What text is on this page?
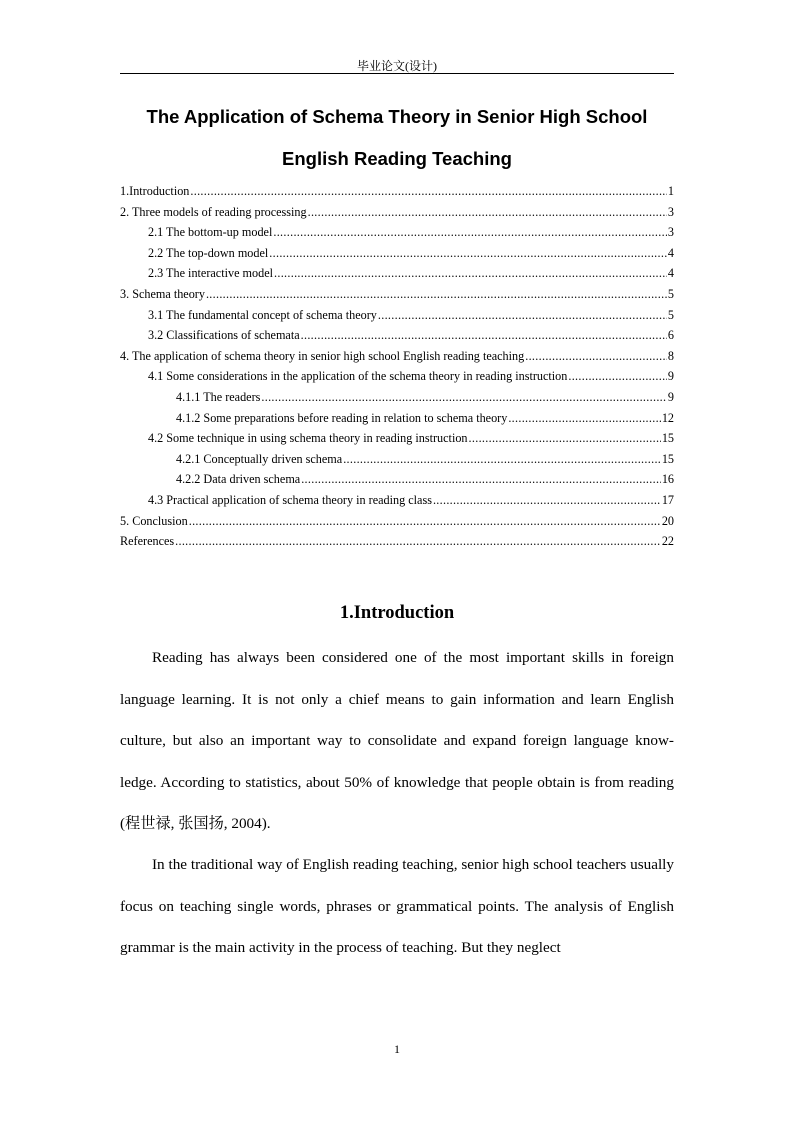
毕业论文(设计)
The Application of Schema Theory in Senior High School
English Reading Teaching
1.Introduction .....	1
2. Three models of reading processing .....	3
2.1 The bottom-up model .....	3
2.2 The top-down model .....	4
2.3 The interactive model .....	4
3. Schema theory .....	5
3.1 The fundamental concept of schema theory .....	5
3.2 Classifications of schemata .....	6
4. The application of schema theory in senior high school English reading teaching .....	8
4.1 Some considerations in the application of the schema theory in reading instruction .....	9
4.1.1 The readers .....	9
4.1.2 Some preparations before reading in relation to schema theory .....	12
4.2 Some technique in using schema theory in reading instruction .....	15
4.2.1 Conceptually driven schema .....	15
4.2.2 Data driven schema .....	16
4.3 Practical application of schema theory in reading class .....	17
5. Conclusion .....	20
References .....	22
1.Introduction

Reading has always been considered one of the most important skills in foreign language learning. It is not only a chief means to gain information and learn English culture, but also an important way to consolidate and expand foreign language know-ledge. According to statistics, about 50% of knowledge that people obtain is from reading (程世禄, 张国扬, 2004).

In the traditional way of English reading teaching, senior high school teachers usually focus on teaching single words, phrases or grammatical points. The analysis of English grammar is the main activity in the process of teaching. But they neglect

1
